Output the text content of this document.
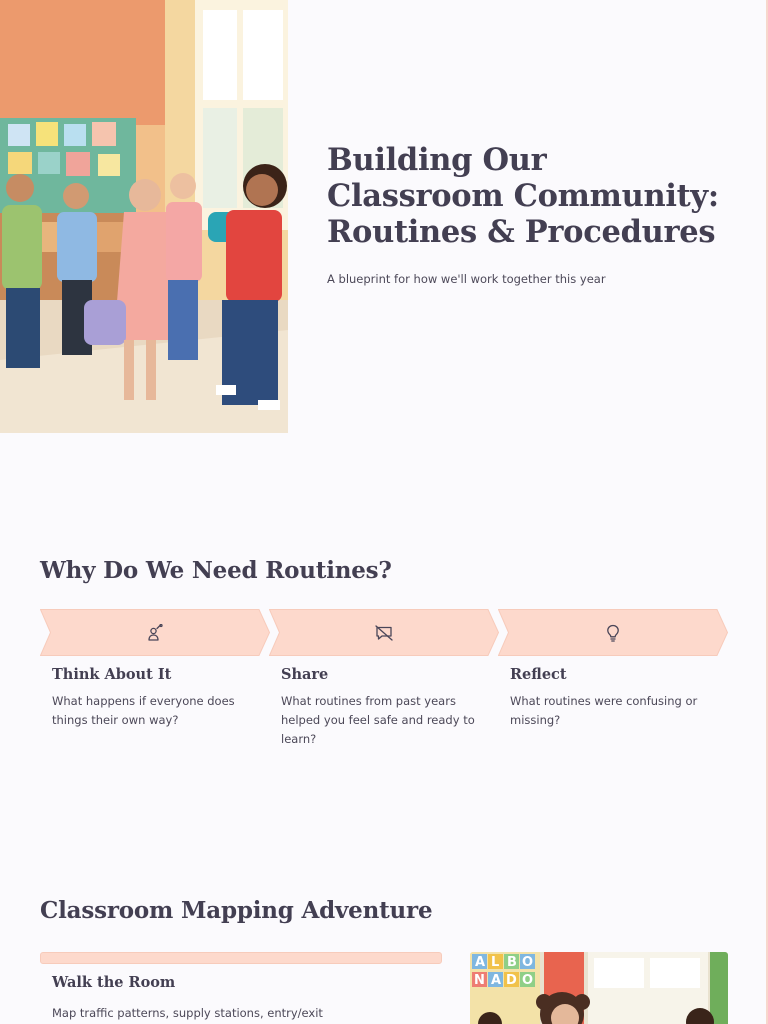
Building Our Classroom Community: Routines & Procedures

A blueprint for how we'll work together this year

Why Do We Need Routines?
Think About It
What happens if everyone does things their own way?
Share
What routines from past years helped you feel safe and ready to learn?
Reflect
What routines were confusing or missing?
Classroom Mapping Adventure
Walk the Room
Map traffic patterns, supply stations, entry/exit
A L B O
N A D O
